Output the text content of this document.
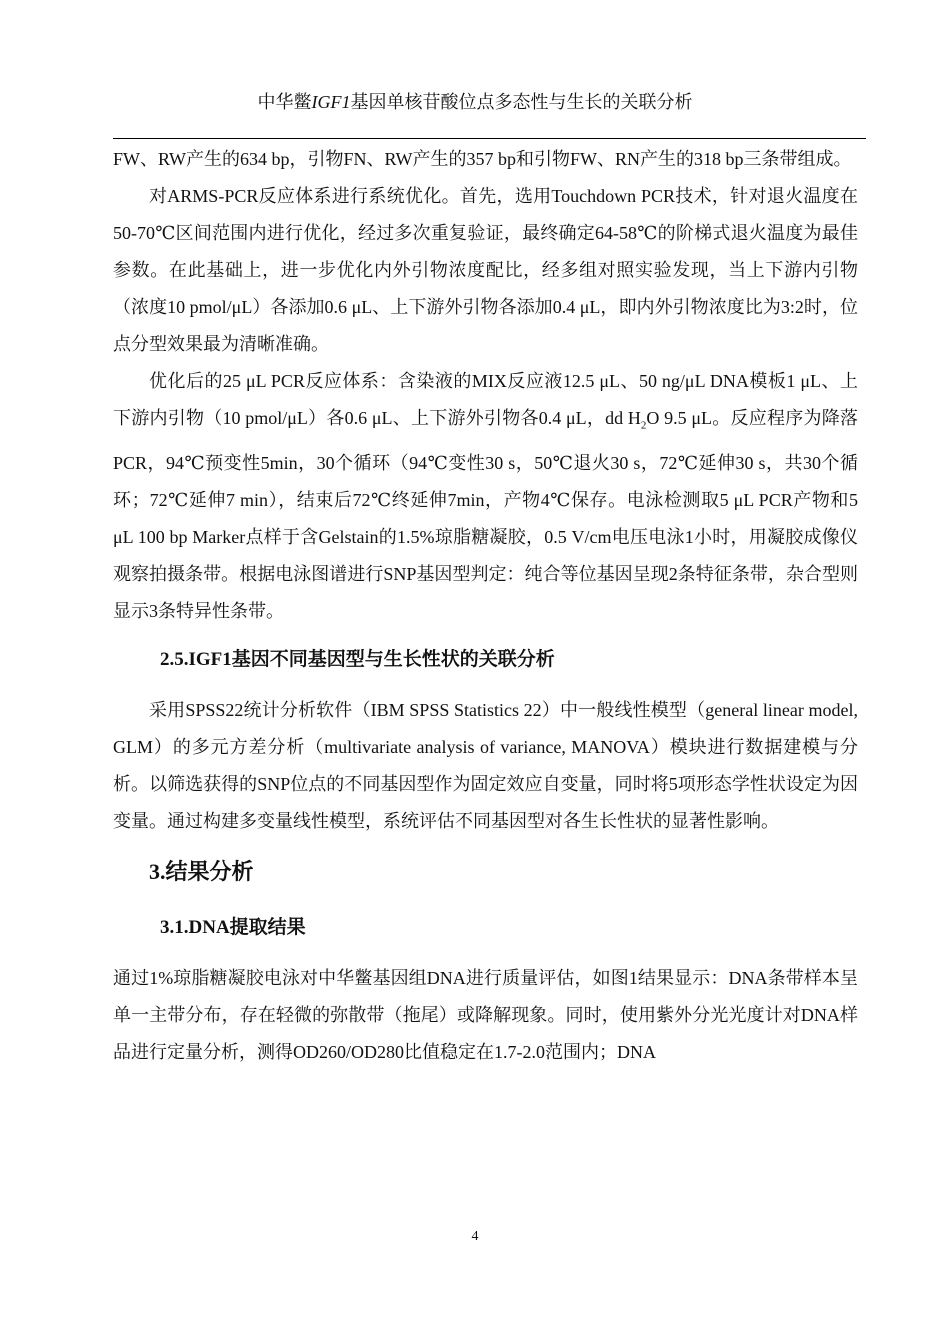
中华鳖IGF1基因单核苷酸位点多态性与生长的关联分析

FW、RW产生的634 bp，引物FN、RW产生的357 bp和引物FW、RN产生的318 bp三条带组成。

对ARMS-PCR反应体系进行系统优化。首先，选用Touchdown PCR技术，针对退火温度在50-70℃区间范围内进行优化，经过多次重复验证，最终确定64-58℃的阶梯式退火温度为最佳参数。在此基础上，进一步优化内外引物浓度配比，经多组对照实验发现，当上下游内引物（浓度10 pmol/μL）各添加0.6 μL、上下游外引物各添加0.4 μL，即内外引物浓度比为3:2时，位点分型效果最为清晰准确。

优化后的25 μL PCR反应体系：含染液的MIX反应液12.5 μL、50 ng/μL DNA模板1 μL、上下游内引物（10 pmol/μL）各0.6 μL、上下游外引物各0.4 μL，dd $H_2O$ 9.5 μL。反应程序为降落PCR，94℃预变性5min，30个循环（94℃变性30 s，50℃退火30 s，72℃延伸30 s，共30个循环；72℃延伸7 min），结束后72℃终延伸7min，产物4℃保存。电泳检测取5 μL PCR产物和5 μL 100 bp Marker点样于含Gelstain的1.5%琼脂糖凝胶，0.5 V/cm电压电泳1小时，用凝胶成像仪观察拍摄条带。根据电泳图谱进行SNP基因型判定：纯合等位基因呈现2条特征条带，杂合型则显示3条特异性条带。

2.5.IGF1基因不同基因型与生长性状的关联分析

采用SPSS22统计分析软件（IBM SPSS Statistics 22）中一般线性模型（general linear model, GLM）的多元方差分析（multivariate analysis of variance, MANOVA）模块进行数据建模与分析。以筛选获得的SNP位点的不同基因型作为固定效应自变量，同时将5项形态学性状设定为因变量。通过构建多变量线性模型，系统评估不同基因型对各生长性状的显著性影响。

3.结果分析
3.1.DNA提取结果

通过1%琼脂糖凝胶电泳对中华鳖基因组DNA进行质量评估，如图1结果显示：DNA条带样本呈单一主带分布，存在轻微的弥散带（拖尾）或降解现象。同时，使用紫外分光光度计对DNA样品进行定量分析，测得OD260/OD280比值稳定在1.7-2.0范围内；DNA

4
